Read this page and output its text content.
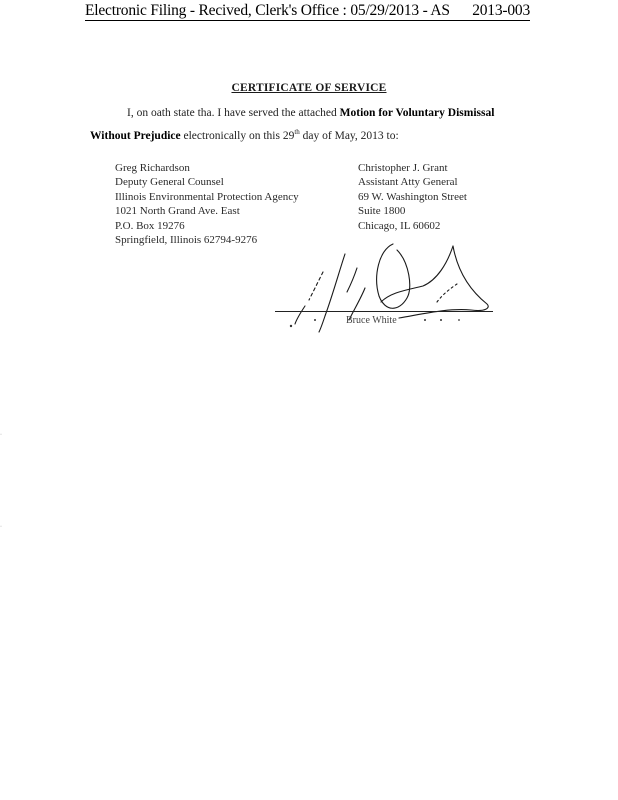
Electronic Filing - Recived, Clerk's Office : 05/29/2013 - AS 2013-003
CERTIFICATE OF SERVICE
I, on oath state tha. I have served the attached Motion for Voluntary Dismissal
Without Prejudice electronically on this 29th day of May, 2013 to:
Greg Richardson
Deputy General Counsel
Illinois Environmental Protection Agency
1021 North Grand Ave. East
P.O. Box 19276
Springfield, Illinois 62794-9276
Christopher J. Grant
Assistant Atty General
69 W. Washington Street
Suite 1800
Chicago, IL 60602
Bruce White
·
·
